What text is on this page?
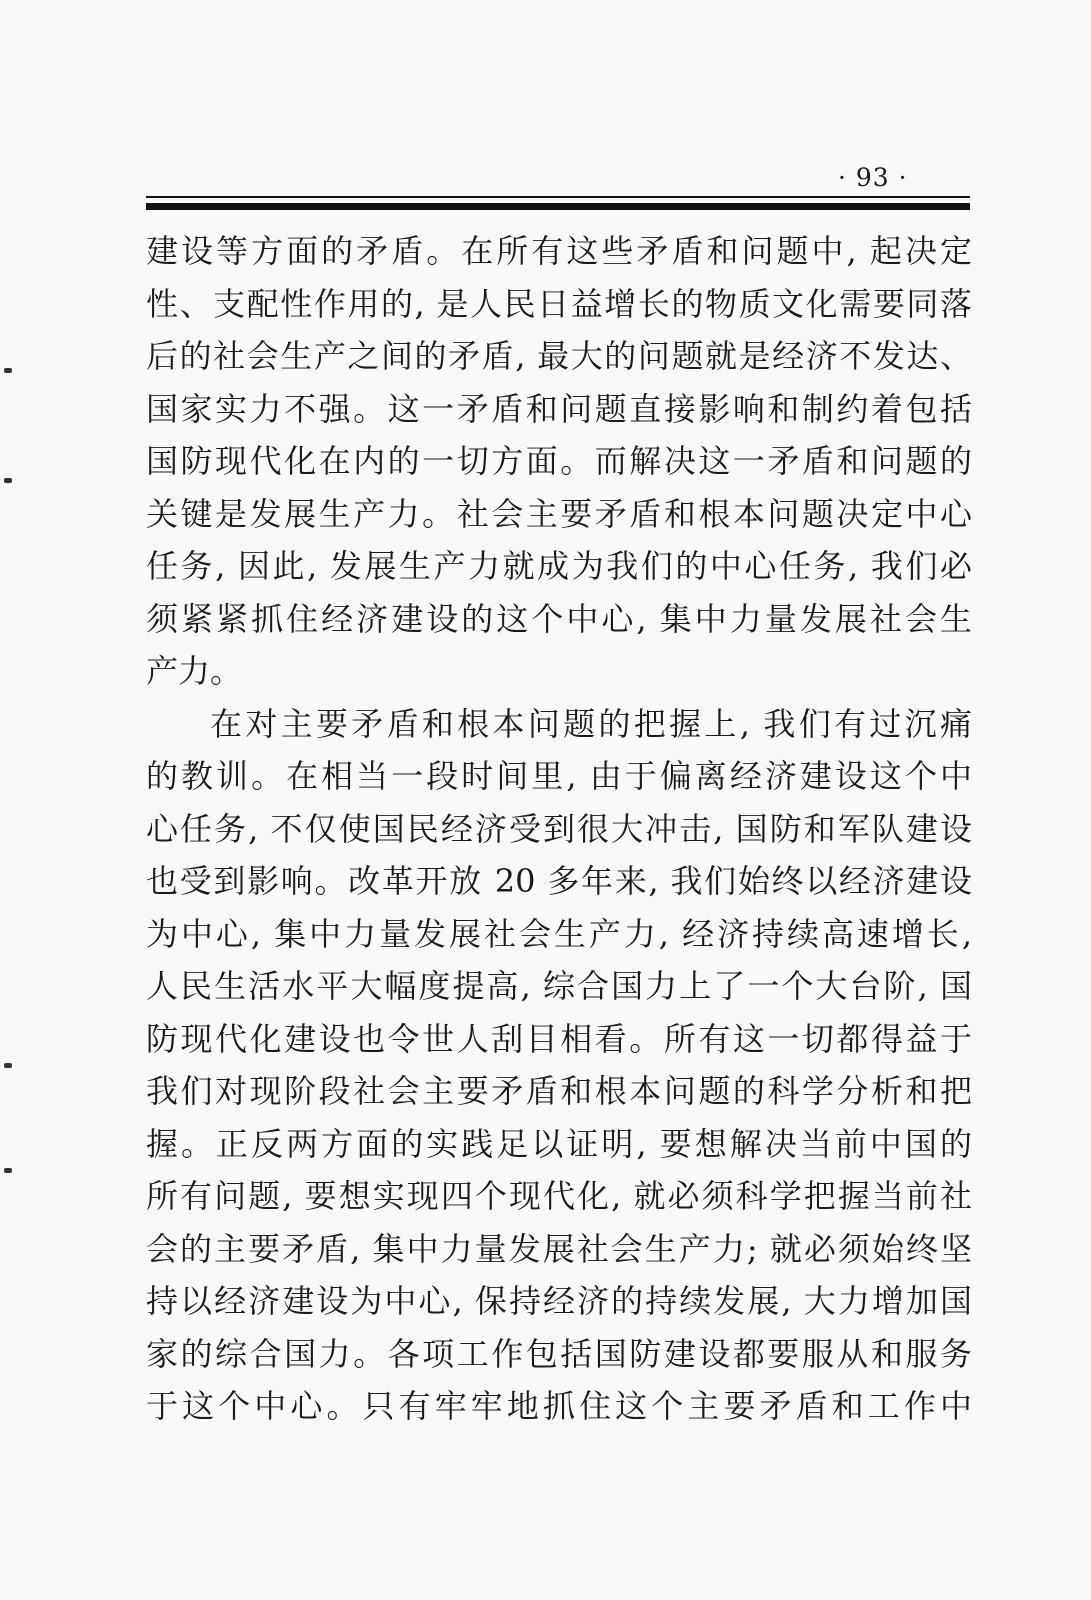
· 93 ·
建设等方面的矛盾。在所有这些矛盾和问题中, 起决定
性、支配性作用的, 是人民日益增长的物质文化需要同落
后的社会生产之间的矛盾, 最大的问题就是经济不发达、
国家实力不强。这一矛盾和问题直接影响和制约着包括
国防现代化在内的一切方面。而解决这一矛盾和问题的
关键是发展生产力。社会主要矛盾和根本问题决定中心
任务, 因此, 发展生产力就成为我们的中心任务, 我们必
须紧紧抓住经济建设的这个中心, 集中力量发展社会生
产力。
在对主要矛盾和根本问题的把握上, 我们有过沉痛
的教训。在相当一段时间里, 由于偏离经济建设这个中
心任务, 不仅使国民经济受到很大冲击, 国防和军队建设
也受到影响。改革开放 20 多年来, 我们始终以经济建设
为中心, 集中力量发展社会生产力, 经济持续高速增长,
人民生活水平大幅度提高, 综合国力上了一个大台阶, 国
防现代化建设也令世人刮目相看。所有这一切都得益于
我们对现阶段社会主要矛盾和根本问题的科学分析和把
握。正反两方面的实践足以证明, 要想解决当前中国的
所有问题, 要想实现四个现代化, 就必须科学把握当前社
会的主要矛盾, 集中力量发展社会生产力; 就必须始终坚
持以经济建设为中心, 保持经济的持续发展, 大力增加国
家的综合国力。各项工作包括国防建设都要服从和服务
于这个中心。只有牢牢地抓住这个主要矛盾和工作中
